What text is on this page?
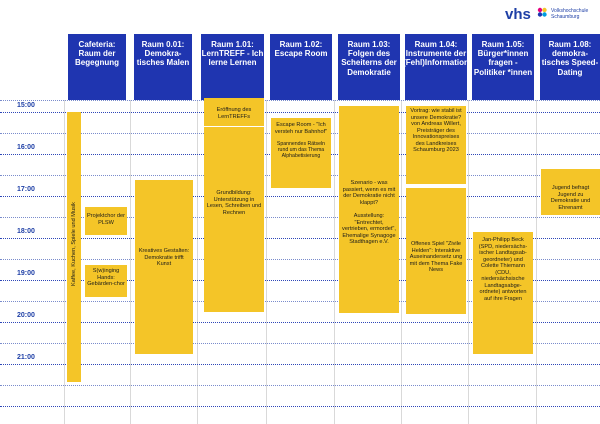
vhs	Volkshochschule Schaumburg
Cafeteria: Raum der Begegnung
Raum 0.01: Demokra-tisches Malen
Raum 1.01: LernTREFF - Ich lerne Lernen
Raum 1.02: Escape Room
Raum 1.03: Folgen des Scheiterns der Demokratie
Raum 1.04: Instrumente der (Fehl)Information
Raum 1.05: Bürger*innen fragen - Politiker *innen
Raum 1.08: demokra-tisches Speed-Dating
15:00
16:00
17:00
18:00
19:00
20:00
21:00
Kaffee, Kuchen, Spiele und Musik	Projektchor der PLSW
S(w)inging Hands: Gebärden-chor
Kreatives Gestalten: Demokratie trifft Kunst
Eröffnung des LernTREFFs
Grundbildung: Unterstützung in Lesen, Schreiben und Rechnen
Escape Room - "Ich versteh nur Bahnhof"
Spannendes Rätseln rund um das Thema Alphabetisierung
Szenario - was passiert, wenn es mit der Demokratie nicht klappt?
Ausstellung: "Entrechtet, vertrieben, ermordet", Ehemalige Synagoge Stadthagen e.V.
Vortrag: wie stabil ist unsere Demokratie? von Andreas Willert, Preisträger des Innovationspreises des Landkreises Schaumburg 2023
Offenes Spiel "Zivile Helden": Interaktive Auseinandersetz ung mit dem Thema Fake News
Jan-Philipp Beck (SPD, niedersächs-ischer Landtagsab-geordneter) und Colette Thiemann (CDU, niedersächsische Landtagsabge-ordnete) antworten auf ihre Fragen
Jugend befragt Jugend zu Demokratie und Ehrenamt
